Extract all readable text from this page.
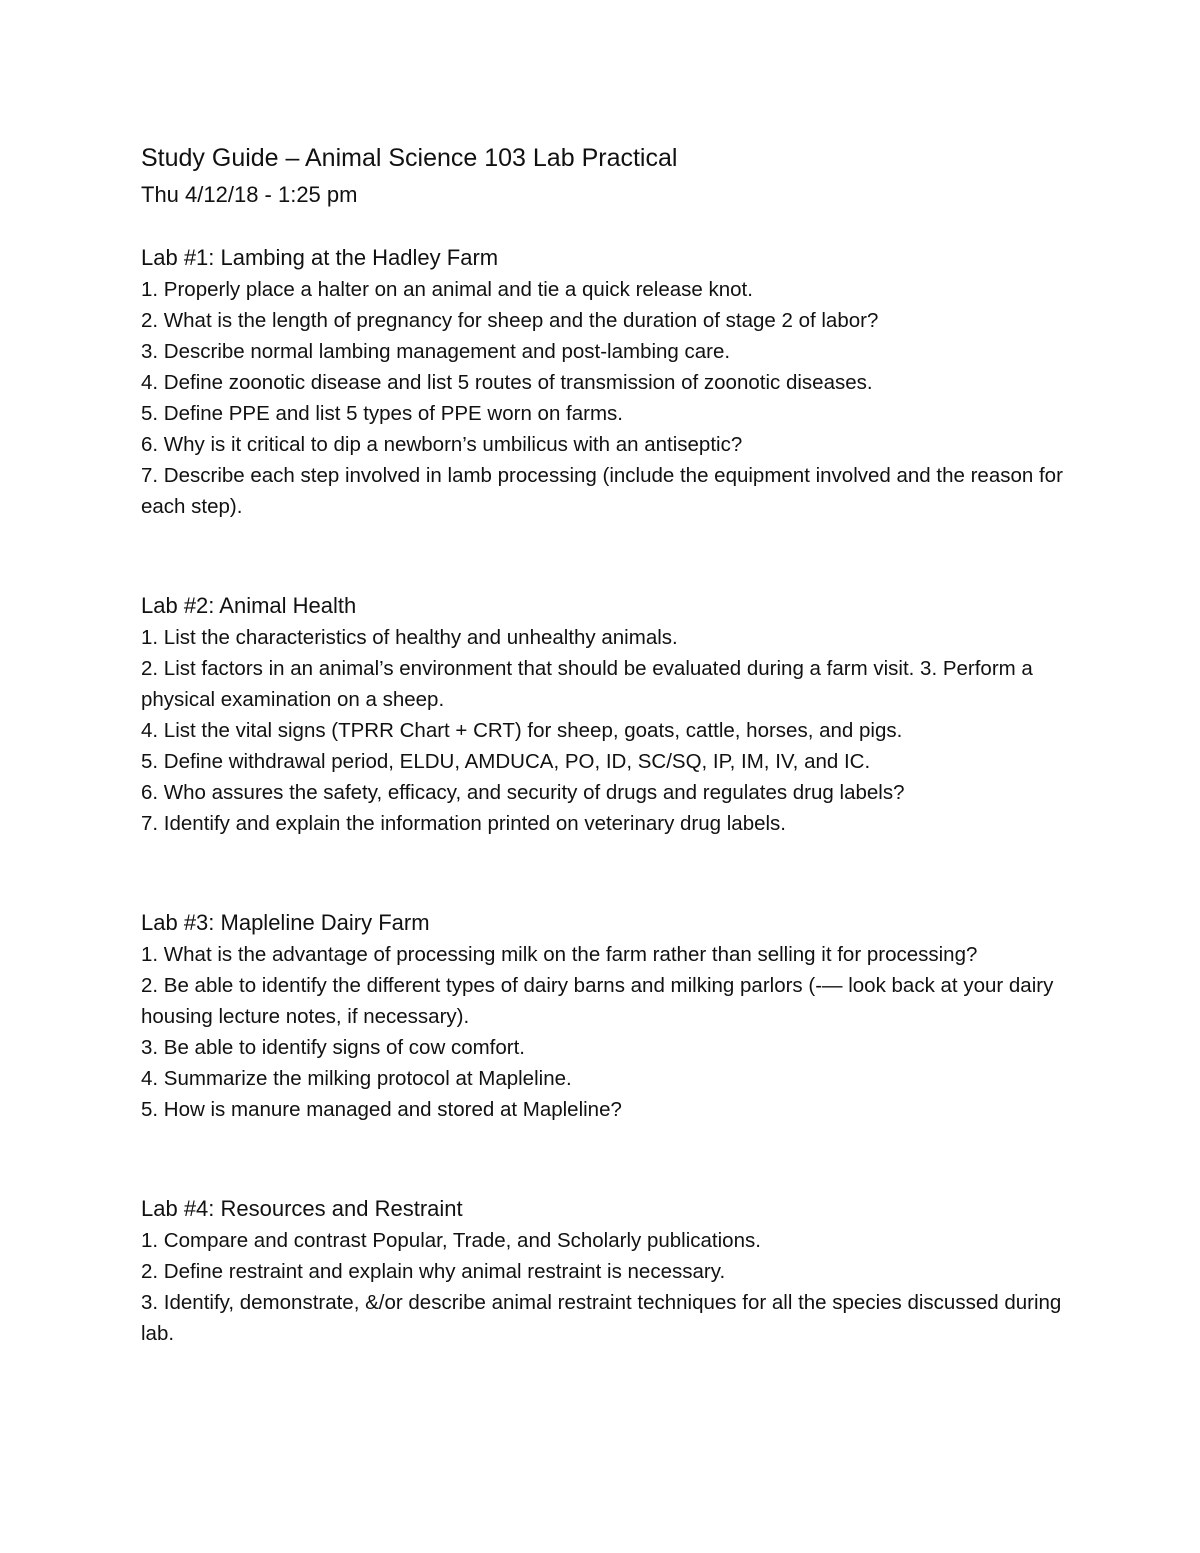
Study Guide – Animal Science 103 Lab Practical
Thu 4/12/18 - 1:25 pm
Lab #1: Lambing at the Hadley Farm
1. Properly place a halter on an animal and tie a quick release knot.
2. What is the length of pregnancy for sheep and the duration of stage 2 of labor?
3. Describe normal lambing management and post-lambing care.
4. Define zoonotic disease and list 5 routes of transmission of zoonotic diseases.
5. Define PPE and list 5 types of PPE worn on farms.
6. Why is it critical to dip a newborn’s umbilicus with an antiseptic?
7. Describe each step involved in lamb processing (include the equipment involved and the reason for each step).
Lab #2: Animal Health
1. List the characteristics of healthy and unhealthy animals.
2. List factors in an animal’s environment that should be evaluated during a farm visit. 3. Perform a physical examination on a sheep.
4. List the vital signs (TPRR Chart + CRT) for sheep, goats, cattle, horses, and pigs.
5. Define withdrawal period, ELDU, AMDUCA, PO, ID, SC/SQ, IP, IM, IV, and IC.
6. Who assures the safety, efficacy, and security of drugs and regulates drug labels?
7. Identify and explain the information printed on veterinary drug labels.
Lab #3: Mapleline Dairy Farm
1. What is the advantage of processing milk on the farm rather than selling it for processing?
2. Be able to identify the different types of dairy barns and milking parlors (-— look back at your dairy housing lecture notes, if necessary).
3. Be able to identify signs of cow comfort.
4. Summarize the milking protocol at Mapleline.
5. How is manure managed and stored at Mapleline?
Lab #4: Resources and Restraint
1. Compare and contrast Popular, Trade, and Scholarly publications.
2. Define restraint and explain why animal restraint is necessary.
3. Identify, demonstrate, &/or describe animal restraint techniques for all the species discussed during lab.
